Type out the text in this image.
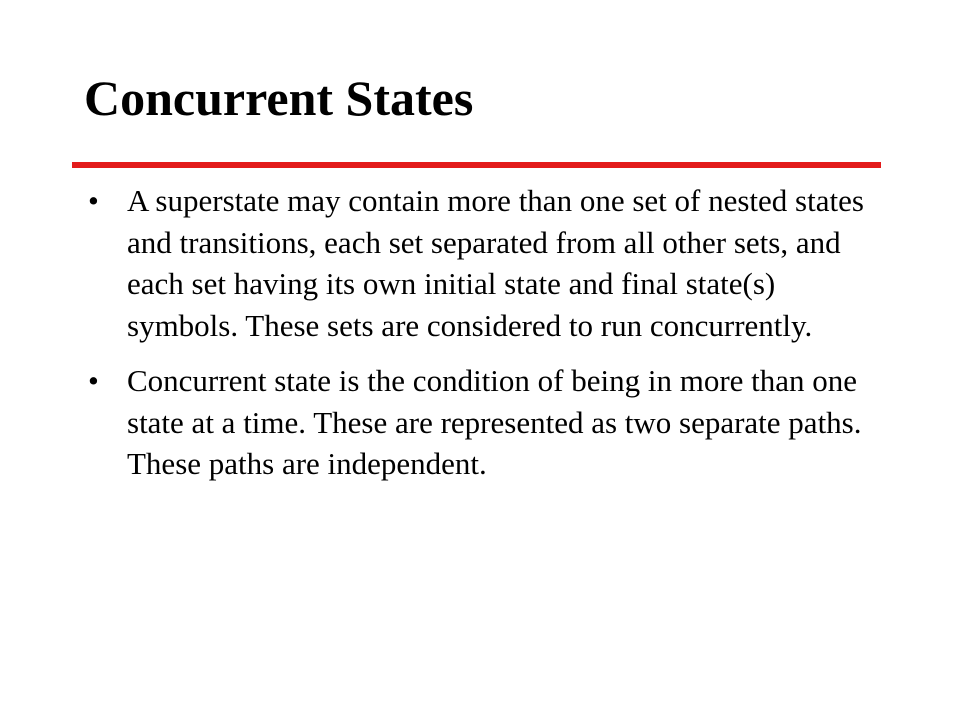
Concurrent States
• A superstate may contain more than one set of nested states and transitions, each set separated from all other sets, and each set having its own initial state and final state(s) symbols. These sets are considered to run concurrently.
• Concurrent state is the condition of being in more than one state at a time. These are represented as two separate paths. These paths are independent.
